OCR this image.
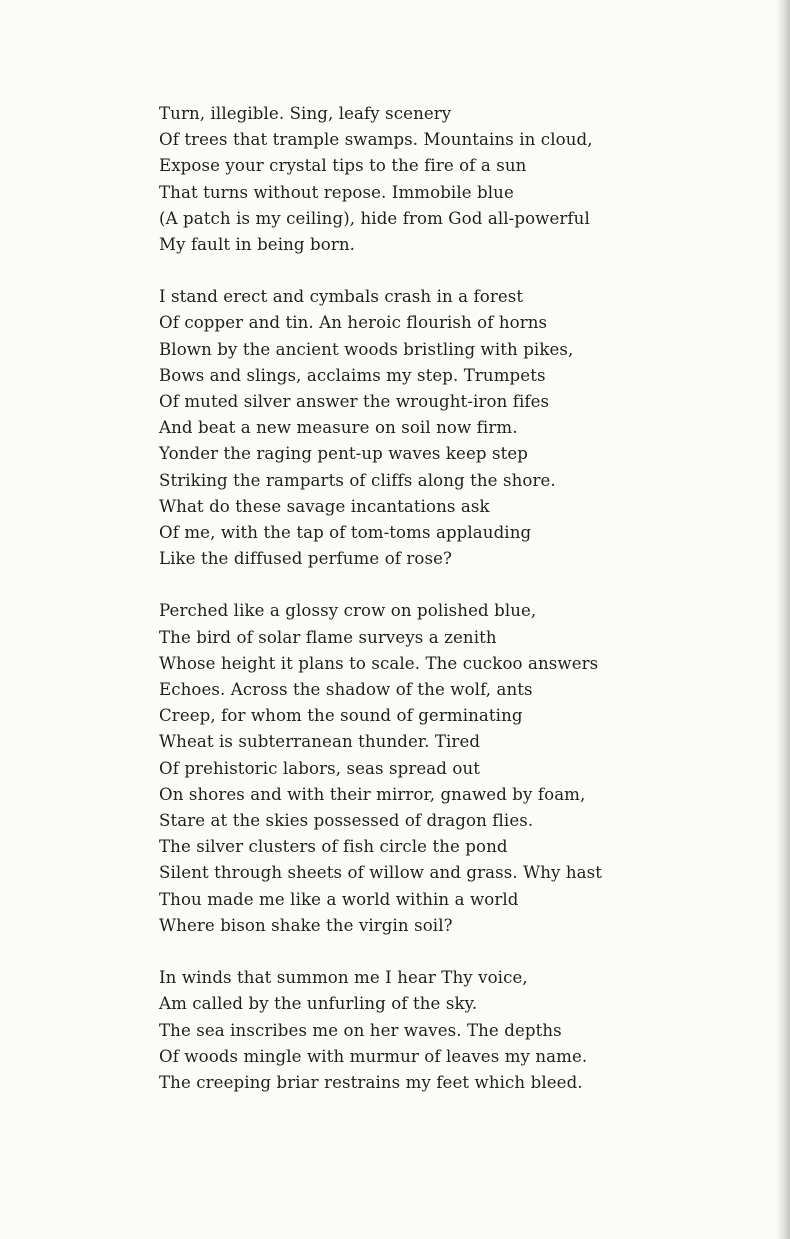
Turn, illegible. Sing, leafy scenery
Of trees that trample swamps. Mountains in cloud,
Expose your crystal tips to the fire of a sun
That turns without repose. Immobile blue
(A patch is my ceiling), hide from God all-powerful
My fault in being born.
I stand erect and cymbals crash in a forest
Of copper and tin. An heroic flourish of horns
Blown by the ancient woods bristling with pikes,
Bows and slings, acclaims my step. Trumpets
Of muted silver answer the wrought-iron fifes
And beat a new measure on soil now firm.
Yonder the raging pent-up waves keep step
Striking the ramparts of cliffs along the shore.
What do these savage incantations ask
Of me, with the tap of tom-toms applauding
Like the diffused perfume of rose?
Perched like a glossy crow on polished blue,
The bird of solar flame surveys a zenith
Whose height it plans to scale. The cuckoo answers
Echoes. Across the shadow of the wolf, ants
Creep, for whom the sound of germinating
Wheat is subterranean thunder. Tired
Of prehistoric labors, seas spread out
On shores and with their mirror, gnawed by foam,
Stare at the skies possessed of dragon flies.
The silver clusters of fish circle the pond
Silent through sheets of willow and grass. Why hast
Thou made me like a world within a world
Where bison shake the virgin soil?
In winds that summon me I hear Thy voice,
Am called by the unfurling of the sky.
The sea inscribes me on her waves. The depths
Of woods mingle with murmur of leaves my name.
The creeping briar restrains my feet which bleed.
